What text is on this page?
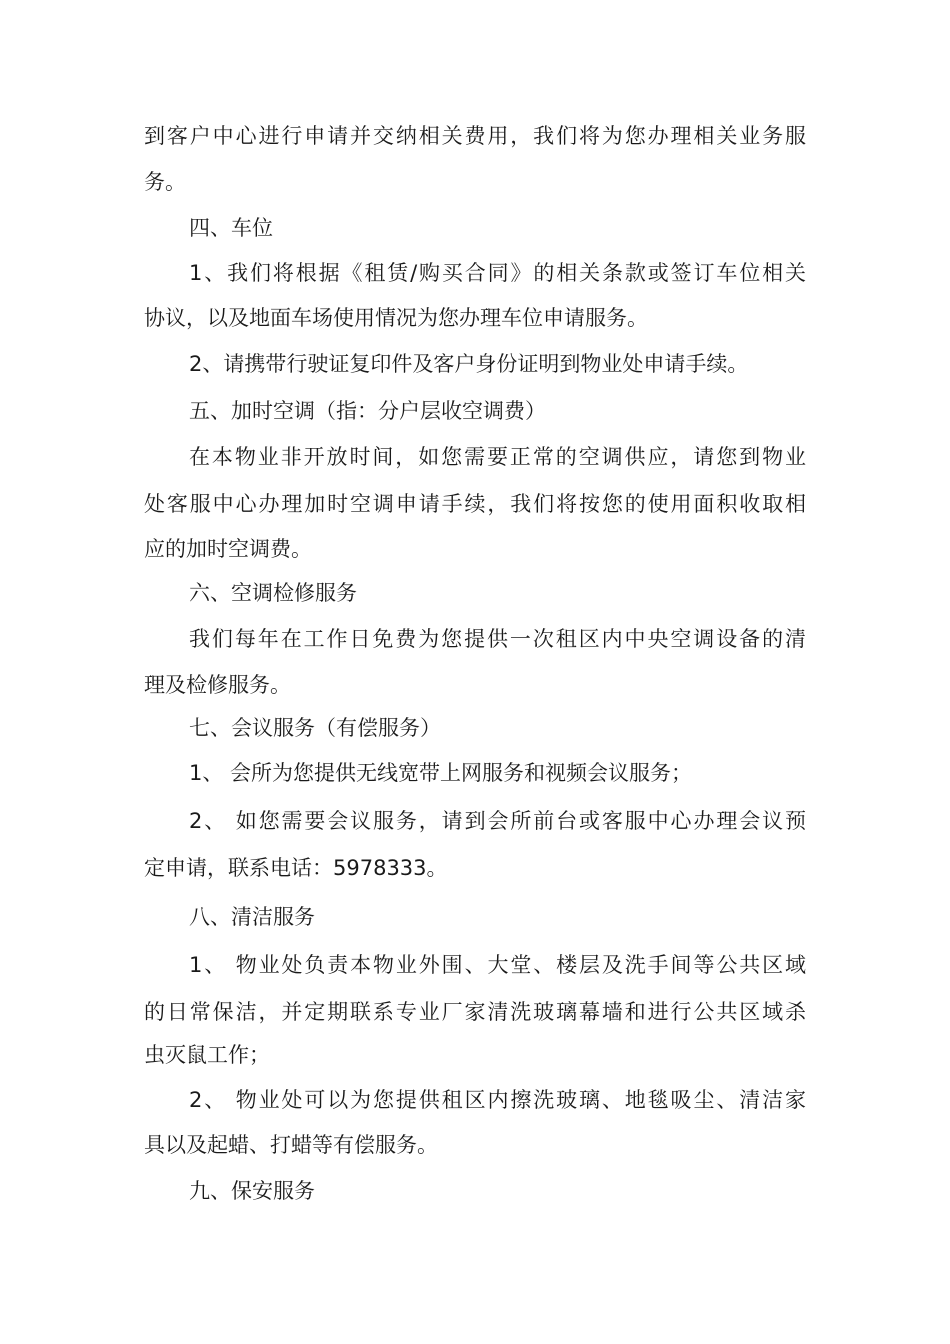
到客户中心进行申请并交纳相关费用，我们将为您办理相关业务服
务。
四、车位
1、我们将根据《租赁/购买合同》的相关条款或签订车位相关
协议，以及地面车场使用情况为您办理车位申请服务。
2、请携带行驶证复印件及客户身份证明到物业处申请手续。
五、加时空调（指：分户层收空调费）
在本物业非开放时间，如您需要正常的空调供应，请您到物业
处客服中心办理加时空调申请手续，我们将按您的使用面积收取相
应的加时空调费。
六、空调检修服务
我们每年在工作日免费为您提供一次租区内中央空调设备的清
理及检修服务。
七、会议服务（有偿服务）
1、 会所为您提供无线宽带上网服务和视频会议服务；
2、 如您需要会议服务，请到会所前台或客服中心办理会议预
定申请，联系电话：5978333。
八、清洁服务
1、 物业处负责本物业外围、大堂、楼层及洗手间等公共区域
的日常保洁，并定期联系专业厂家清洗玻璃幕墙和进行公共区域杀
虫灭鼠工作；
2、 物业处可以为您提供租区内擦洗玻璃、地毯吸尘、清洁家
具以及起蜡、打蜡等有偿服务。
九、保安服务
